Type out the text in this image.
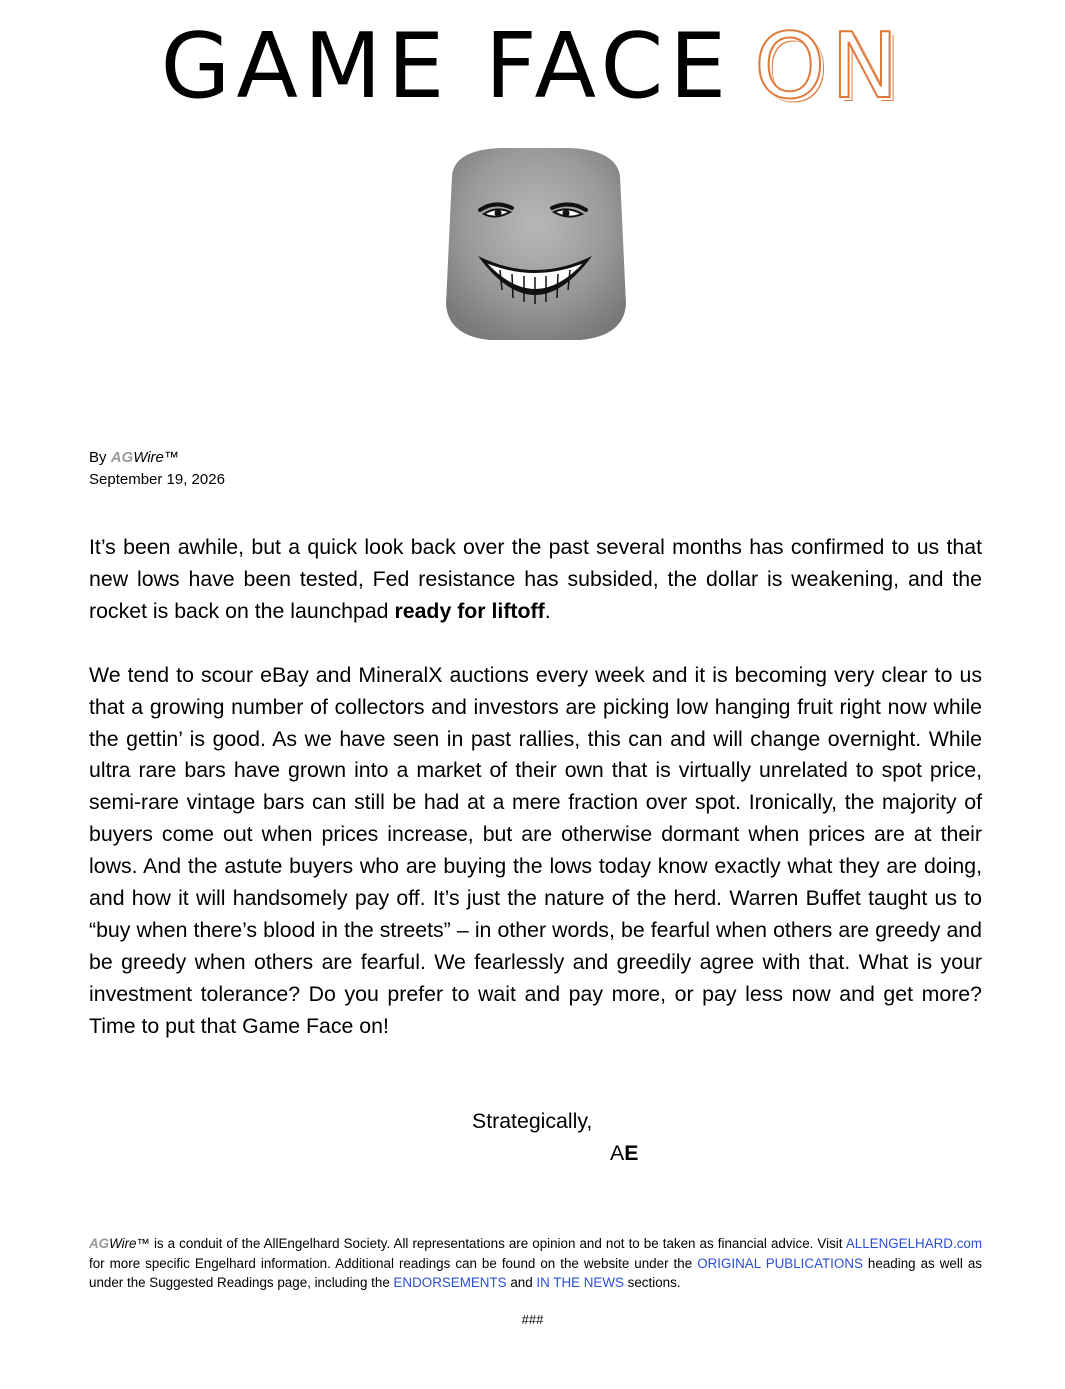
GAME FACE ON
By AGWire™
September 19, 2026

It’s been awhile, but a quick look back over the past several months has confirmed to us that new lows have been tested, Fed resistance has subsided, the dollar is weakening, and the rocket is back on the launchpad ready for liftoff.

We tend to scour eBay and MineralX auctions every week and it is becoming very clear to us that a growing number of collectors and investors are picking low hanging fruit right now while the gettin’ is good. As we have seen in past rallies, this can and will change overnight. While ultra rare bars have grown into a market of their own that is virtually unrelated to spot price, semi-rare vintage bars can still be had at a mere fraction over spot. Ironically, the majority of buyers come out when prices increase, but are otherwise dormant when prices are at their lows. And the astute buyers who are buying the lows today know exactly what they are doing, and how it will handsomely pay off. It’s just the nature of the herd. Warren Buffet taught us to “buy when there’s blood in the streets” – in other words, be fearful when others are greedy and be greedy when others are fearful. We fearlessly and greedily agree with that. What is your investment tolerance? Do you prefer to wait and pay more, or pay less now and get more? Time to put that Game Face on!

Strategically,
AE
AGWire™ is a conduit of the AllEngelhard Society. All representations are opinion and not to be taken as financial advice. Visit ALLENGELHARD.com for more specific Engelhard information. Additional readings can be found on the website under the ORIGINAL PUBLICATIONS heading as well as under the Suggested Readings page, including the ENDORSEMENTS and IN THE NEWS sections.
###
